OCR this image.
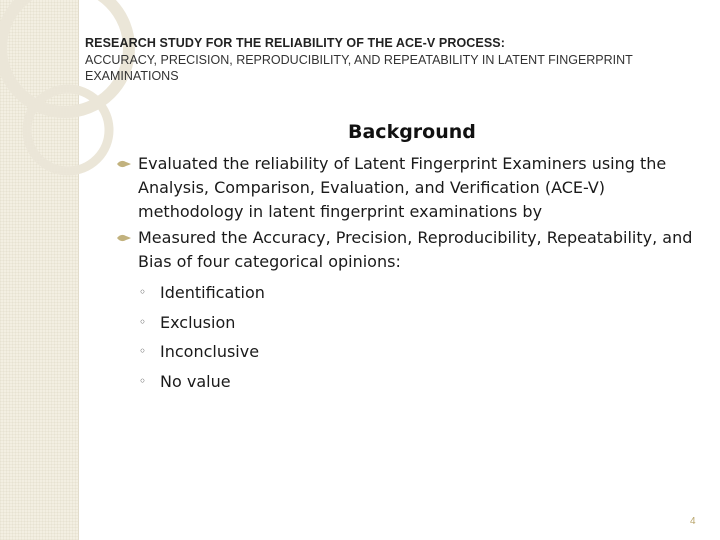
RESEARCH STUDY FOR THE RELIABILITY OF THE ACE-V PROCESS:
ACCURACY, PRECISION, REPRODUCIBILITY, AND REPEATABILITY IN LATENT FINGERPRINT EXAMINATIONS
Background
Evaluated the reliability of Latent Fingerprint Examiners using the Analysis, Comparison, Evaluation, and Verification (ACE-V) methodology in latent fingerprint examinations by
Measured the Accuracy, Precision, Reproducibility, Repeatability, and Bias of four categorical opinions:
◦ Identification
◦ Exclusion
◦ Inconclusive
◦ No value
4
